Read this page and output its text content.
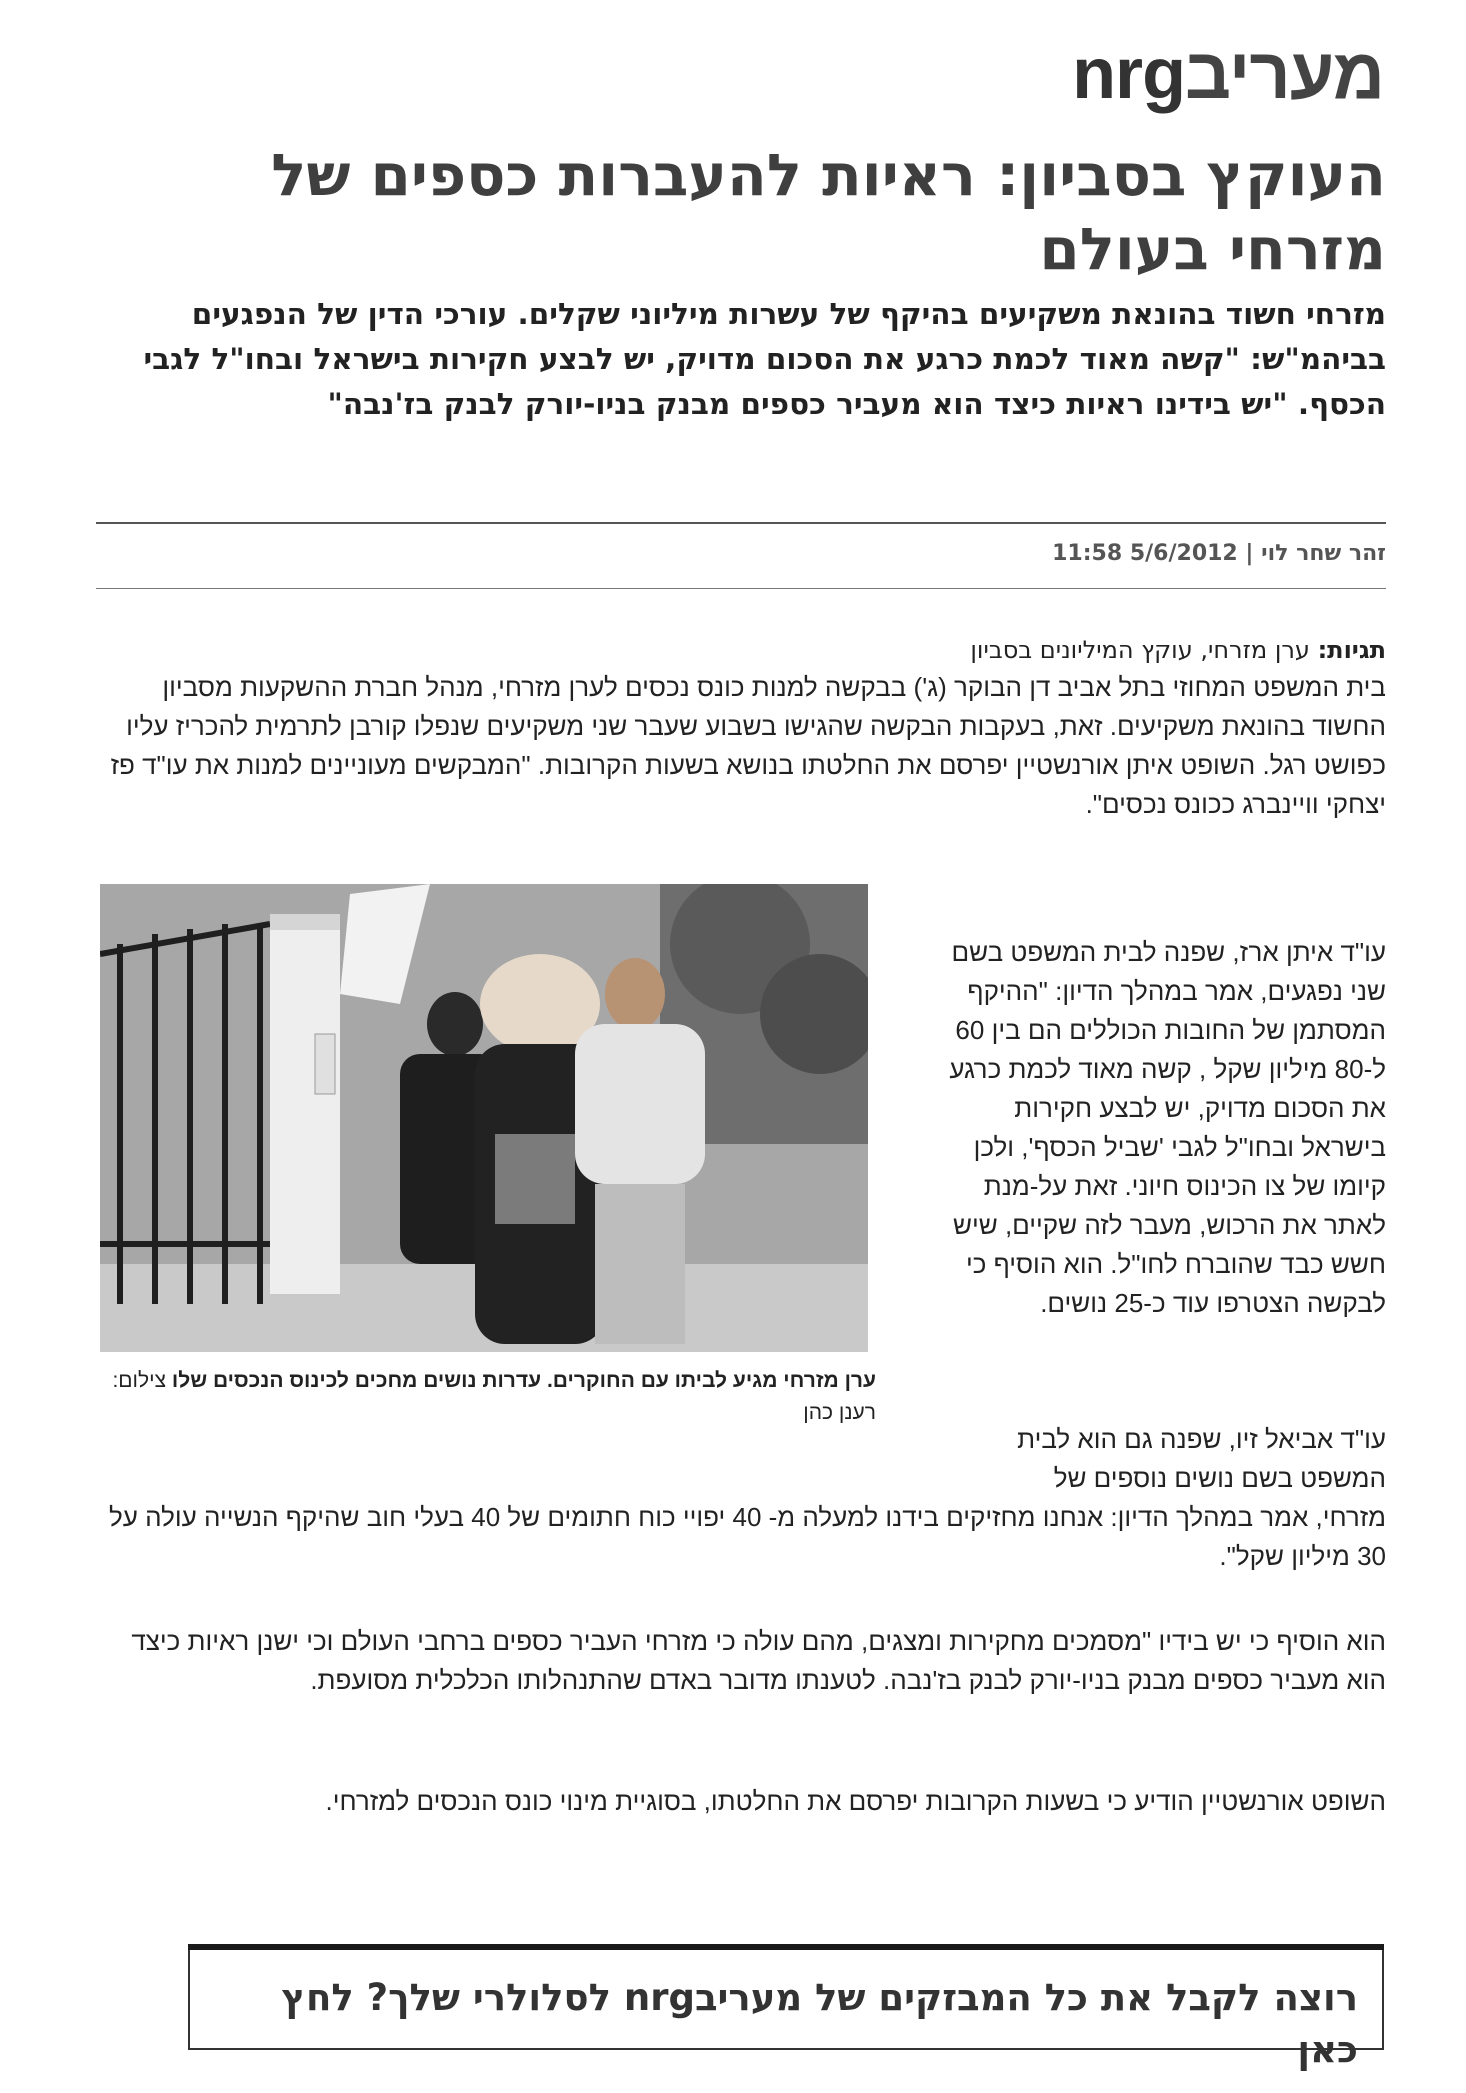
nrgמעריב
העוקץ בסביון: ראיות להעברות כספים של מזרחי בעולם

מזרחי חשוד בהונאת משקיעים בהיקף של עשרות מיליוני שקלים. עורכי הדין של הנפגעים בביהמ"ש: "קשה מאוד לכמת כרגע את הסכום מדויק, יש לבצע חקירות בישראל ובחו"ל לגבי הכסף. "יש בידינו ראיות כיצד הוא מעביר כספים מבנק בניו-יורק לבנק בז'נבה"

זהר שחר לוי | 5/6/2012 11:58
תגיות: ערן מזרחי, עוקץ המיליונים בסביון

בית המשפט המחוזי בתל אביב דן הבוקר (ג') בבקשה למנות כונס נכסים לערן מזרחי, מנהל חברת ההשקעות מסביון החשוד בהונאת משקיעים. זאת, בעקבות הבקשה שהגישו בשבוע שעבר שני משקיעים שנפלו קורבן לתרמית להכריז עליו כפושט רגל. השופט איתן אורנשטיין יפרסם את החלטתו בנושא בשעות הקרובות. "המבקשים מעוניינים למנות את עו"ד פז יצחקי וויינברג ככונס נכסים".

ערן מזרחי מגיע לביתו עם החוקרים. עדרות נושים מחכים לכינוס הנכסים שלו צילום: רענן כהן

עו"ד איתן ארז, שפנה לבית המשפט בשם שני נפגעים, אמר במהלך הדיון: "ההיקף המסתמן של החובות הכוללים הם בין 60 ל-80 מיליון שקל , קשה מאוד לכמת כרגע את הסכום מדויק, יש לבצע חקירות בישראל ובחו"ל לגבי 'שביל הכסף', ולכן קיומו של צו הכינוס חיוני. זאת על-מנת לאתר את הרכוש, מעבר לזה שקיים, שיש חשש כבד שהוברח לחו"ל. הוא הוסיף כי לבקשה הצטרפו עוד כ-25 נושים.

עו"ד אביאל זיו, שפנה גם הוא לבית המשפט בשם נושים נוספים של

מזרחי, אמר במהלך הדיון: אנחנו מחזיקים בידנו למעלה מ- 40 יפויי כוח חתומים של 40 בעלי חוב שהיקף הנשייה עולה על 30 מיליון שקל".

הוא הוסיף כי יש בידיו "מסמכים מחקירות ומצגים, מהם עולה כי מזרחי העביר כספים ברחבי העולם וכי ישנן ראיות כיצד הוא מעביר כספים מבנק בניו-יורק לבנק בז'נבה. לטענתו מדובר באדם שהתנהלותו הכלכלית מסועפת.

השופט אורנשטיין הודיע כי בשעות הקרובות יפרסם את החלטתו, בסוגיית מינוי כונס הנכסים למזרחי.

רוצה לקבל את כל המבזקים של nrgמעריב לסלולרי שלך? לחץ כאן
